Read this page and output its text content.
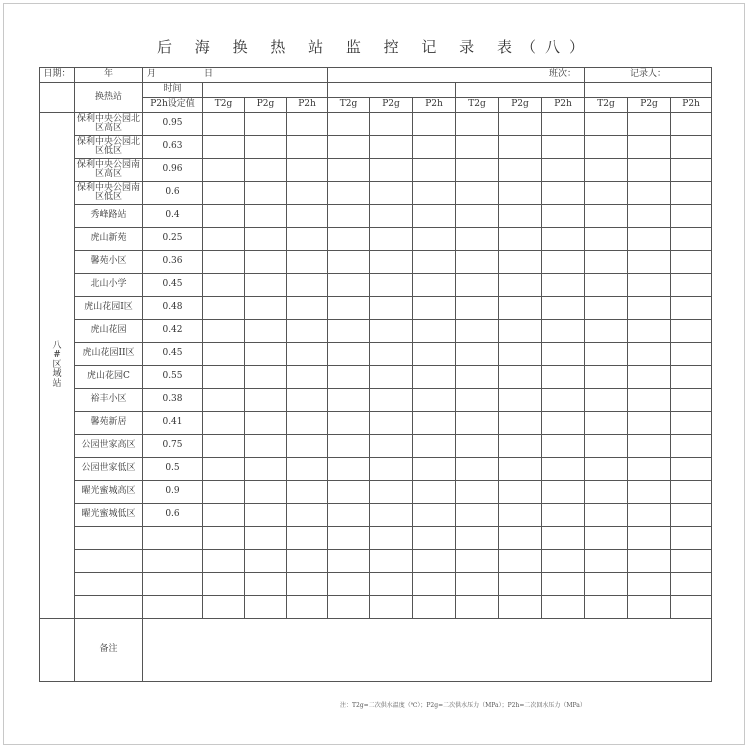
后 海 换 热 站 监 控 记 录 表（八）
日期：	年	月 日				班次：						记录人：		
	换热站	时间												
		P2h设定值	T2g	P2g	P2h	T2g	P2g	P2h	T2g	P2g	P2h	T2g	P2g	P2h

八
#
区
域
站	保利中央公园北区高区	0.95												
	保利中央公园北区低区	0.63												
	保利中央公园南区高区	0.96												
	保利中央公园南区低区	0.6												
	秀峰路站	0.4												
	虎山新苑	0.25												
	馨苑小区	0.36												
	北山小学	0.45												
	虎山花园I区	0.48												
	虎山花园	0.42												
	虎山花园II区	0.45												
	虎山花园C	0.55												
	裕丰小区	0.38												
	馨苑新居	0.41												
	公园世家高区	0.75												
	公园世家低区	0.5												
	曜光蜜城高区	0.9												
	曜光蜜城低区	0.6												

	备注													
注：T2g=二次供水温度（℃）；P2g=二次供水压力（MPa）；P2h=二次回水压力（MPa）
